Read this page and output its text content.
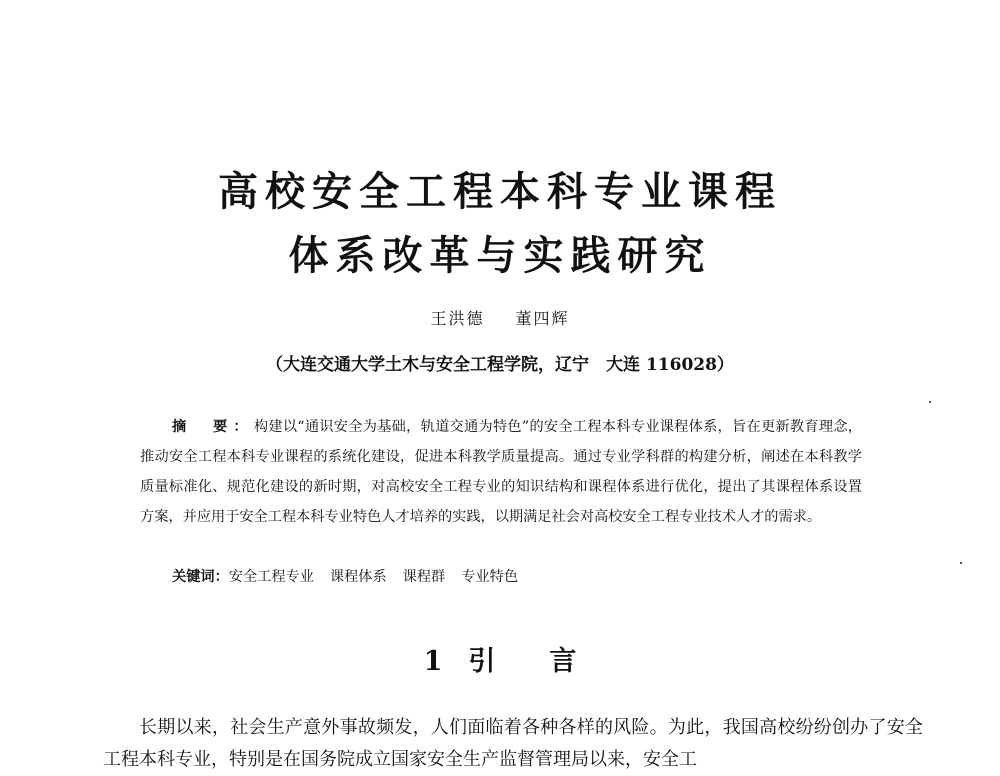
高校安全工程本科专业课程
体系改革与实践研究
王洪德 董四辉
（大连交通大学土木与安全工程学院，辽宁　大连 116028）
摘　要：构建以“通识安全为基础，轨道交通为特色”的安全工程本科专业课程体系，旨在更新教育理念，推动安全工程本科专业课程的系统化建设，促进本科教学质量提高。通过专业学科群的构建分析，阐述在本科教学质量标准化、规范化建设的新时期，对高校安全工程专业的知识结构和课程体系进行优化，提出了其课程体系设置方案，并应用于安全工程本科专业特色人才培养的实践，以期满足社会对高校安全工程专业技术人才的需求。
关键词：安全工程专业 课程体系 课程群 专业特色
1 引言
长期以来，社会生产意外事故频发，人们面临着各种各样的风险。为此，我国高校纷纷创办了安全工程本科专业，特别是在国务院成立国家安全生产监督管理局以来，安全工
